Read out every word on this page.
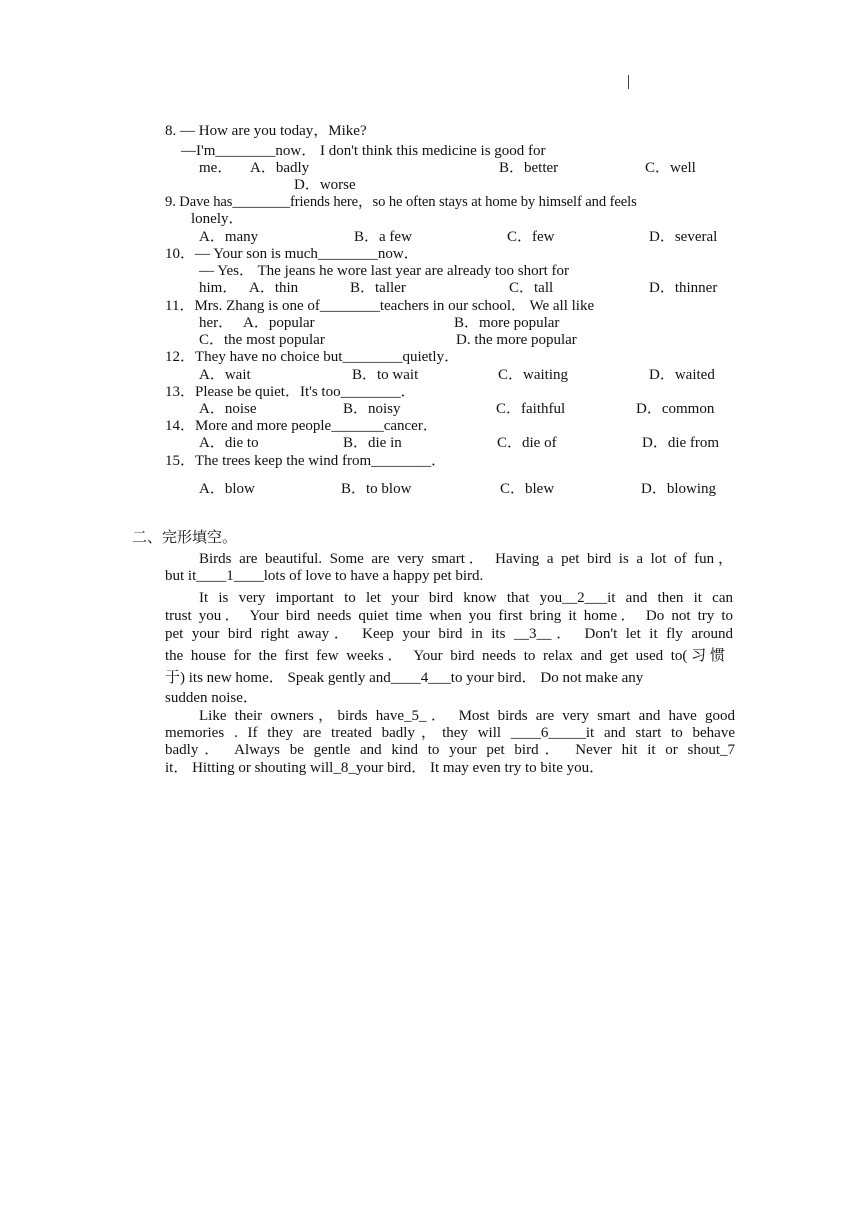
8. — How are you today，Mike?
—I'm________now． I don't think this medicine is good for
me． A．badly	B．better	C．well
D．worse
9. Dave has________friends here，so he often stays at home by himself and feels
lonely．
A．many	B．a few	C．few	D．several
10．— Your son is much________now．
— Yes． The jeans he wore last year are already too short for
him． A．thin	B．taller	C．tall	D．thinner
11．Mrs. Zhang is one of________teachers in our school． We all like
her． A．popular	B．more popular
C．the most popular	D. the more popular
12．They have no choice but________quietly．
A．wait	B．to wait	C．waiting	D．waited
13．Please be quiet．It's too________．
A．noise	B．noisy	C．faithful	D．common
14．More and more people_______cancer．
A．die to	B．die in	C．die of	D．die from
15．The trees keep the wind from________．
A．blow	B．to blow	C．blew	D．blowing
二、完形填空。
Birds are beautiful. Some are very smart． Having a pet bird is a lot of fun，
but it____1____lots of love to have a happy pet bird.
It is very important to let your bird know that you__2___it and then it can
trust you． Your bird needs quiet time when you first bring it home． Do not try to
pet your bird right away． Keep your bird in its __3__． Don't let it fly around
the house for the first few weeks． Your bird needs to relax and get used to(习惯
于) its new home． Speak gently and____4___to your bird． Do not make any
sudden noise．
Like their owners，birds have_5_． Most birds are very smart and have good
memories . If they are treated badly，they will ____6_____it and start to behave
badly． Always be gentle and kind to your pet bird． Never hit it or shout_7
it． Hitting or shouting will_8_your bird． It may even try to bite you．
